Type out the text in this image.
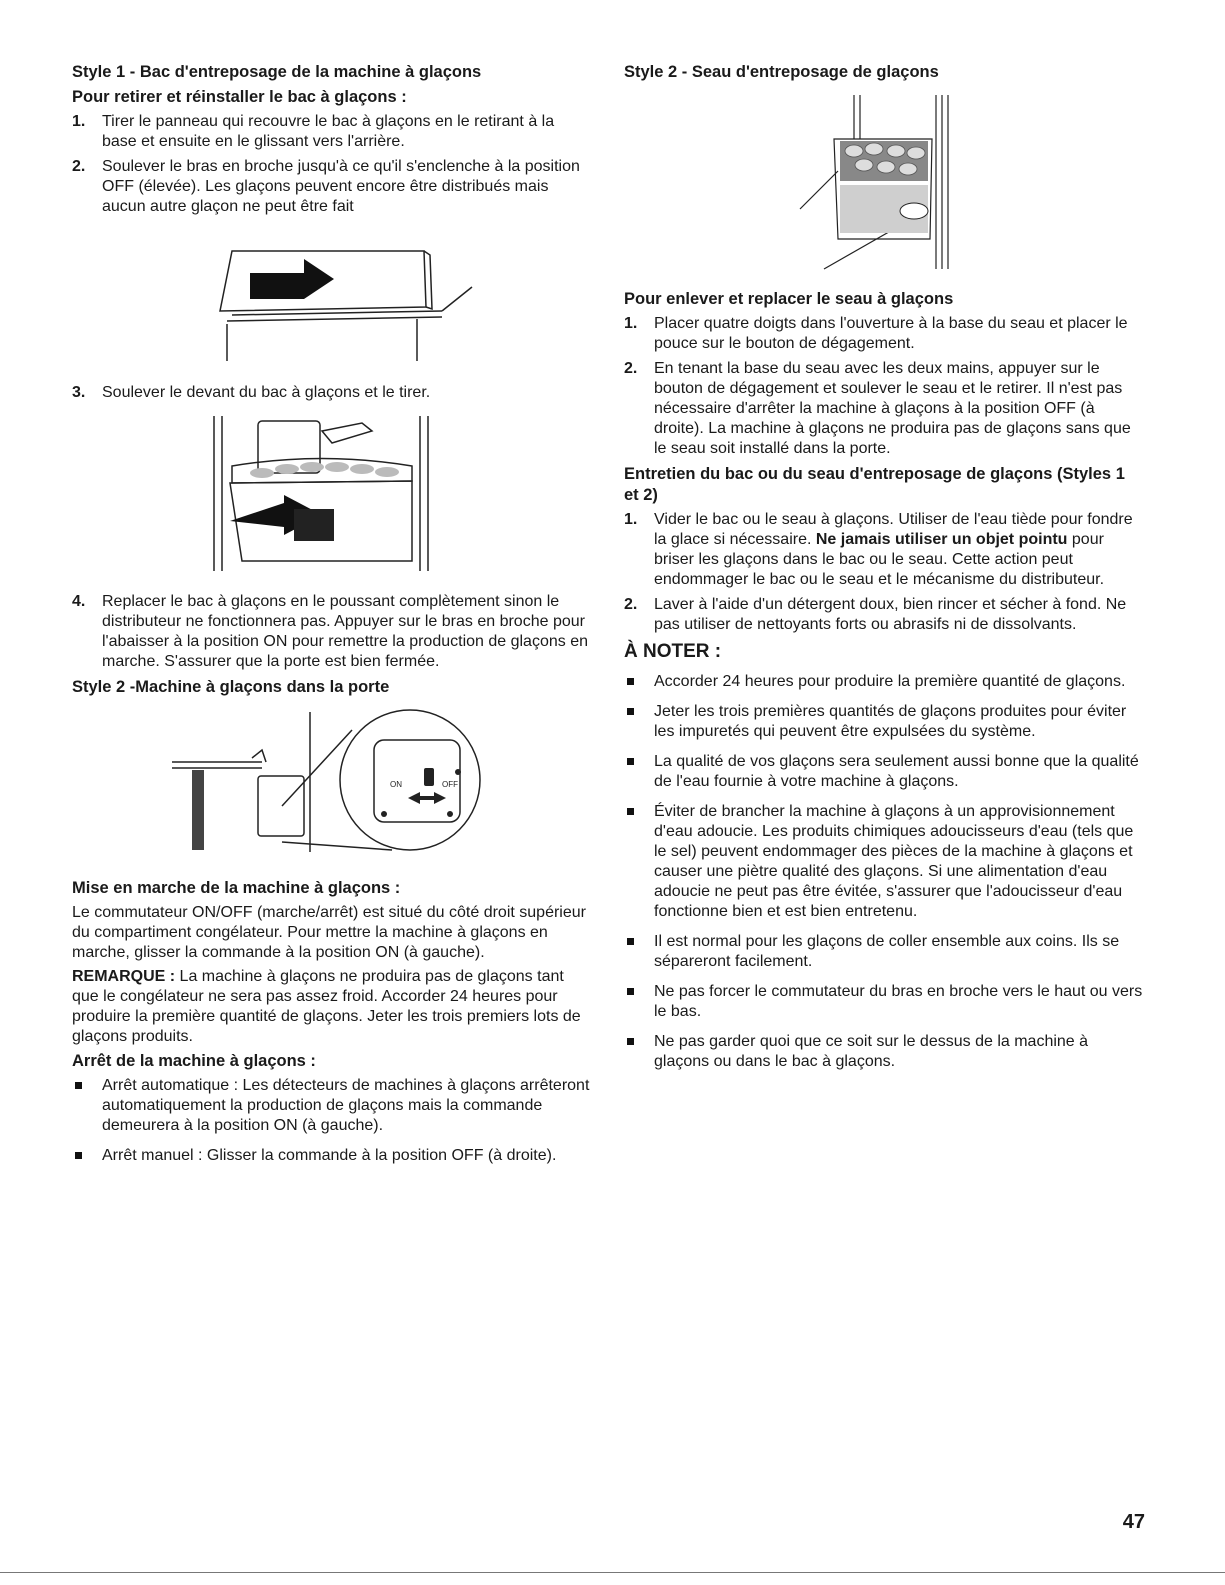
Style 1 - Bac d'entreposage de la machine à glaçons
Pour retirer et réinstaller le bac à glaçons :
1. Tirer le panneau qui recouvre le bac à glaçons en le retirant à la base et ensuite en le glissant vers l'arrière.
2. Soulever le bras en broche jusqu'à ce qu'il s'enclenche à la position OFF (élevée). Les glaçons peuvent encore être distribués mais aucun autre glaçon ne peut être fait
3. Soulever le devant du bac à glaçons et le tirer.
4. Replacer le bac à glaçons en le poussant complètement sinon le distributeur ne fonctionnera pas. Appuyer sur le bras en broche pour l'abaisser à la position ON pour remettre la production de glaçons en marche. S'assurer que la porte est bien fermée.
Style 2 -Machine à glaçons dans la porte
ON	OFF
Mise en marche de la machine à glaçons :
Le commutateur ON/OFF (marche/arrêt) est situé du côté droit supérieur du compartiment congélateur. Pour mettre la machine à glaçons en marche, glisser la commande à la position ON (à gauche).
REMARQUE : La machine à glaçons ne produira pas de glaçons tant que le congélateur ne sera pas assez froid. Accorder 24 heures pour produire la première quantité de glaçons. Jeter les trois premiers lots de glaçons produits.
Arrêt de la machine à glaçons :
Arrêt automatique : Les détecteurs de machines à glaçons arrêteront automatiquement la production de glaçons mais la commande demeurera à la position ON (à gauche).
Arrêt manuel : Glisser la commande à la position OFF (à droite).
Style 2 - Seau d'entreposage de glaçons
Pour enlever et replacer le seau à glaçons
1. Placer quatre doigts dans l'ouverture à la base du seau et placer le pouce sur le bouton de dégagement.
2. En tenant la base du seau avec les deux mains, appuyer sur le bouton de dégagement et soulever le seau et le retirer. Il n'est pas nécessaire d'arrêter la machine à glaçons à la position OFF (à droite). La machine à glaçons ne produira pas de glaçons sans que le seau soit installé dans la porte.
Entretien du bac ou du seau d'entreposage de glaçons (Styles 1 et 2)
1. Vider le bac ou le seau à glaçons. Utiliser de l'eau tiède pour fondre la glace si nécessaire. Ne jamais utiliser un objet pointu pour briser les glaçons dans le bac ou le seau. Cette action peut endommager le bac ou le seau et le mécanisme du distributeur.
2. Laver à l'aide d'un détergent doux, bien rincer et sécher à fond. Ne pas utiliser de nettoyants forts ou abrasifs ni de dissolvants.
À NOTER :
Accorder 24 heures pour produire la première quantité de glaçons.
Jeter les trois premières quantités de glaçons produites pour éviter les impuretés qui peuvent être expulsées du système.
La qualité de vos glaçons sera seulement aussi bonne que la qualité de l'eau fournie à votre machine à glaçons.
Éviter de brancher la machine à glaçons à un approvisionnement d'eau adoucie. Les produits chimiques adoucisseurs d'eau (tels que le sel) peuvent endommager des pièces de la machine à glaçons et causer une piètre qualité des glaçons. Si une alimentation d'eau adoucie ne peut pas être évitée, s'assurer que l'adoucisseur d'eau fonctionne bien et est bien entretenu.
Il est normal pour les glaçons de coller ensemble aux coins. Ils se sépareront facilement.
Ne pas forcer le commutateur du bras en broche vers le haut ou vers le bas.
Ne pas garder quoi que ce soit sur le dessus de la machine à glaçons ou dans le bac à glaçons.
47
